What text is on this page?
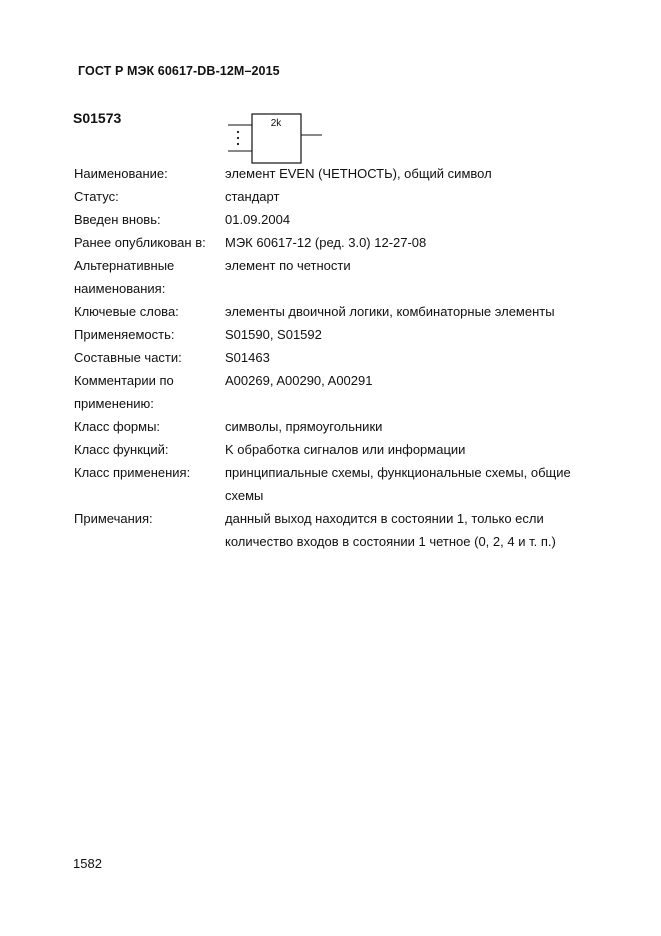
ГОСТ Р МЭК 60617-DB-12M–2015
S01573	2k
Наименование:	элемент EVEN (ЧЕТНОСТЬ), общий символ
Статус:	стандарт
Введен вновь:	01.09.2004
Ранее опубликован в:	МЭК 60617-12 (ред. 3.0) 12-27-08
Альтернативные наименования:
элемент по четности
Ключевые слова:	элементы двоичной логики, комбинаторные элементы
Применяемость:	S01590, S01592
Составные части:	S01463
Комментарии по применению:
A00269, A00290, A00291
Класс формы:	символы, прямоугольники
Класс функций:	K обработка сигналов или информации
Класс применения:	принципиальные схемы, функциональные схемы, общие схемы
Примечания:	данный выход находится в состоянии 1, только если количество входов в состоянии 1 четное (0, 2, 4 и т. п.)
1582
